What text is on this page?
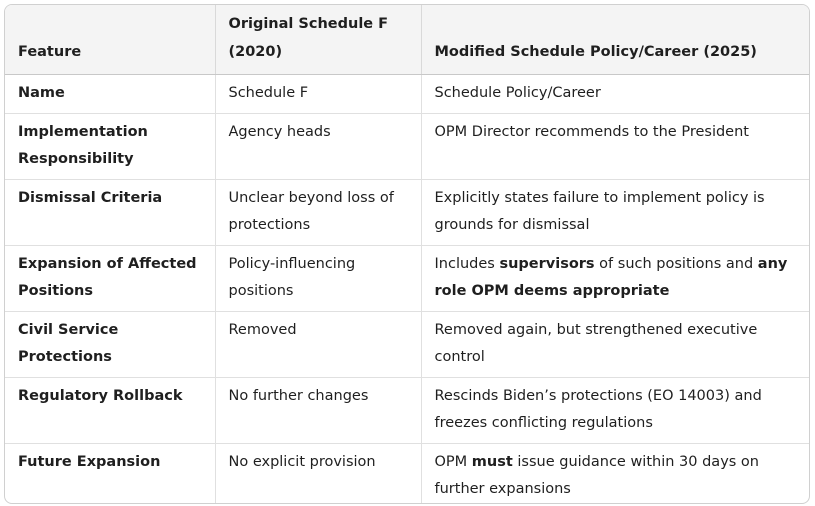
Feature	Original Schedule F (2020)	Modified Schedule Policy/Career (2025)
Name	Schedule F	Schedule Policy/Career
Implementation Responsibility	Agency heads	OPM Director recommends to the President
Dismissal Criteria	Unclear beyond loss of protections	Explicitly states failure to implement policy is grounds for dismissal
Expansion of Affected Positions	Policy-influencing positions	Includes supervisors of such positions and any role OPM deems appropriate
Civil Service Protections	Removed	Removed again, but strengthened executive control
Regulatory Rollback	No further changes	Rescinds Biden’s protections (EO 14003) and freezes conflicting regulations
Future Expansion	No explicit provision	OPM must issue guidance within 30 days on further expansions
